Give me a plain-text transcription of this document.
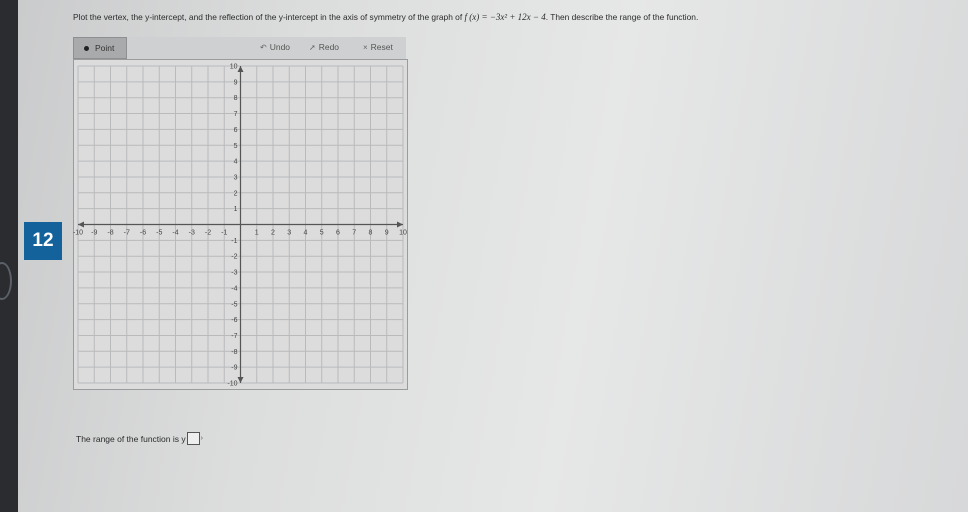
12
Plot the vertex, the y-intercept, and the reflection of the y-intercept in the axis of symmetry of the graph of f (x) = −3x² + 12x − 4. Then describe the range of the function.
Point	↶ Undo ➚ Redo	× Reset
-10 -9 -8 -7 -6 -5 -4 -3 -2 -1	1 2 3 4 5 6 7 8 9 10
10
9
8
7
6
5
4
3
2
1
-1
-2
-3
-4
-5
-6
-7
-8
-9
-10
The range of the function is y ›
